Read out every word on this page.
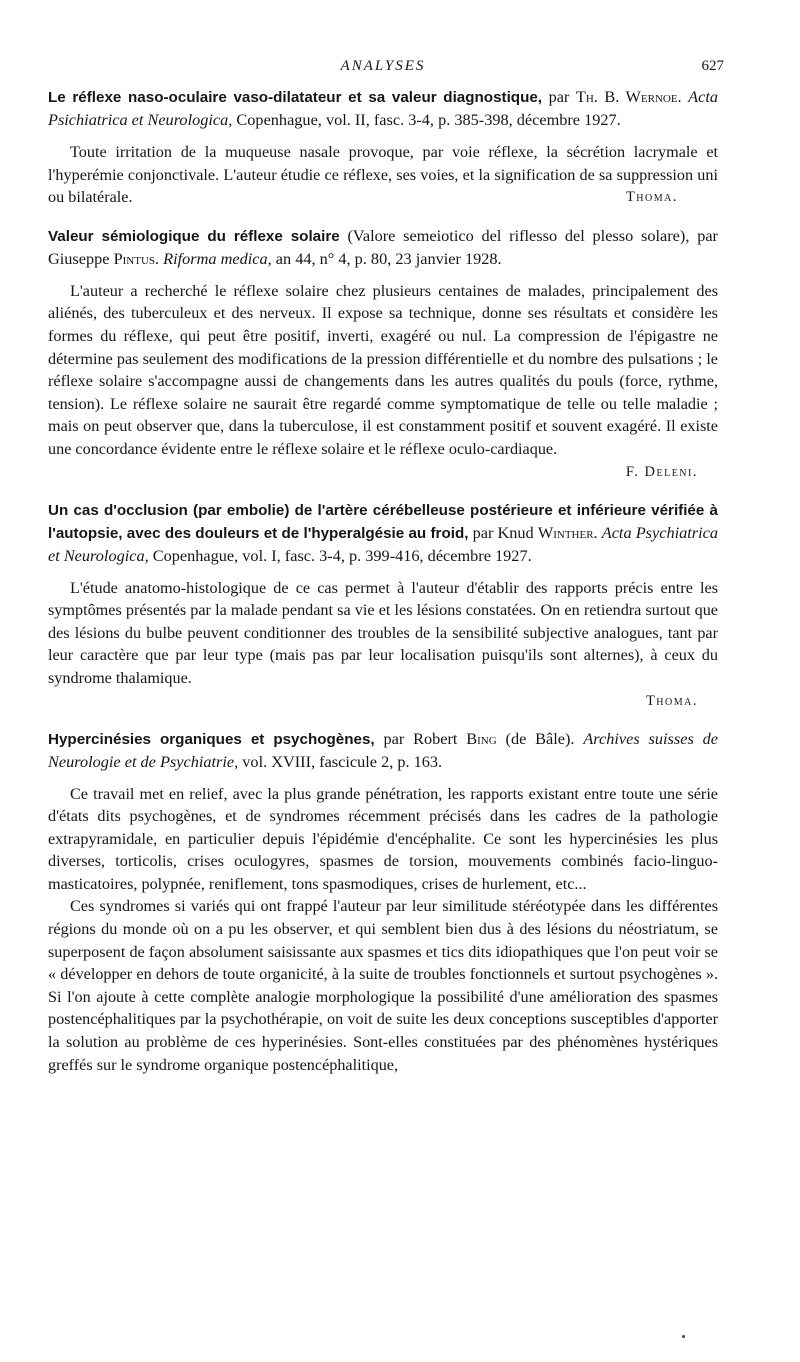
ANALYSES	627

Le réflexe naso-oculaire vaso-dilatateur et sa valeur diagnostique, par Th. B. Wernoe. Acta Psichiatrica et Neurologica, Copenhague, vol. II, fasc. 3-4, p. 385-398, décembre 1927.

Toute irritation de la muqueuse nasale provoque, par voie réflexe, la sécrétion lacrymale et l'hyperémie conjonctivale. L'auteur étudie ce réflexe, ses voies, et la signification de sa suppression uni ou bilatérale.	Thoma.

Valeur sémiologique du réflexe solaire (Valore semeiotico del riflesso del plesso solare), par Giuseppe Pintus. Riforma medica, an 44, n° 4, p. 80, 23 janvier 1928.

L'auteur a recherché le réflexe solaire chez plusieurs centaines de malades, principalement des aliénés, des tuberculeux et des nerveux. Il expose sa technique, donne ses résultats et considère les formes du réflexe, qui peut être positif, inverti, exagéré ou nul. La compression de l'épigastre ne détermine pas seulement des modifications de la pression différentielle et du nombre des pulsations ; le réflexe solaire s'accompagne aussi de changements dans les autres qualités du pouls (force, rythme, tension). Le réflexe solaire ne saurait être regardé comme symptomatique de telle ou telle maladie ; mais on peut observer que, dans la tuberculose, il est constamment positif et souvent exagéré. Il existe une concordance évidente entre le réflexe solaire et le réflexe oculo-cardiaque.

F. Deleni.

Un cas d'occlusion (par embolie) de l'artère cérébelleuse postérieure et inférieure vérifiée à l'autopsie, avec des douleurs et de l'hyperalgésie au froid, par Knud Winther. Acta Psychiatrica et Neurologica, Copenhague, vol. I, fasc. 3-4, p. 399-416, décembre 1927.

L'étude anatomo-histologique de ce cas permet à l'auteur d'établir des rapports précis entre les symptômes présentés par la malade pendant sa vie et les lésions constatées. On en retiendra surtout que des lésions du bulbe peuvent conditionner des troubles de la sensibilité subjective analogues, tant par leur caractère que par leur type (mais pas par leur localisation puisqu'ils sont alternes), à ceux du syndrome thalamique.

Thoma.

Hypercinésies organiques et psychogènes, par Robert Bing (de Bâle). Archives suisses de Neurologie et de Psychiatrie, vol. XVIII, fascicule 2, p. 163.

Ce travail met en relief, avec la plus grande pénétration, les rapports existant entre toute une série d'états dits psychogènes, et de syndromes récemment précisés dans les cadres de la pathologie extrapyramidale, en particulier depuis l'épidémie d'encéphalite. Ce sont les hypercinésies les plus diverses, torticolis, crises oculogyres, spasmes de torsion, mouvements combinés facio-linguo-masticatoires, polypnée, reniflement, tons spasmodiques, crises de hurlement, etc...

Ces syndromes si variés qui ont frappé l'auteur par leur similitude stéréotypée dans les différentes régions du monde où on a pu les observer, et qui semblent bien dus à des lésions du néostriatum, se superposent de façon absolument saisissante aux spasmes et tics dits idiopathiques que l'on peut voir se « développer en dehors de toute organicité, à la suite de troubles fonctionnels et surtout psychogènes ». Si l'on ajoute à cette complète analogie morphologique la possibilité d'une amélioration des spasmes postencéphalitiques par la psychothérapie, on voit de suite les deux conceptions susceptibles d'apporter la solution au problème de ces hyperinésies. Sont-elles constituées par des phénomènes hystériques greffés sur le syndrome organique postencéphalitique,
